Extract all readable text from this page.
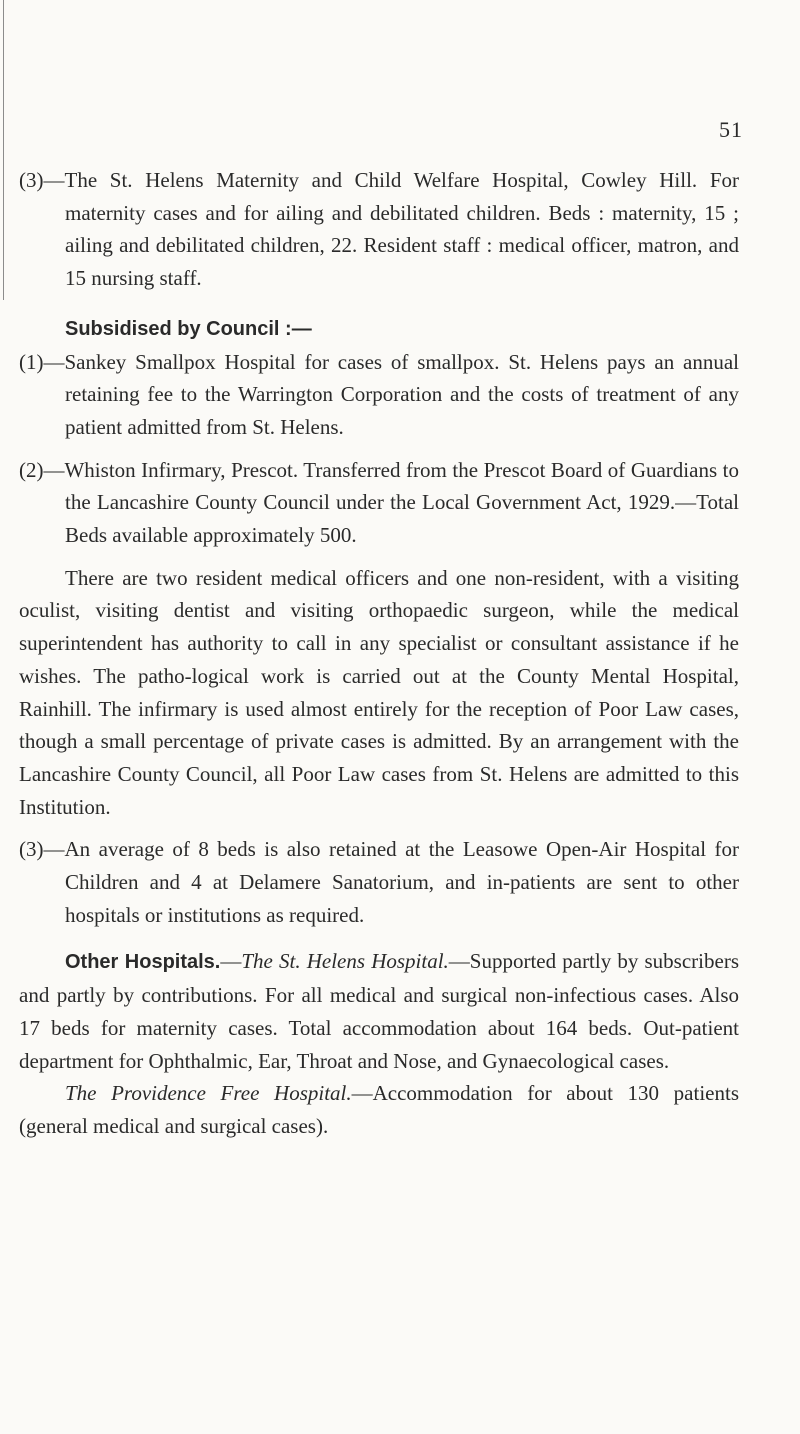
51

(3)—The St. Helens Maternity and Child Welfare Hospital, Cowley Hill. For maternity cases and for ailing and debilitated children. Beds : maternity, 15 ; ailing and debilitated children, 22. Resident staff : medical officer, matron, and 15 nursing staff.

Subsidised by Council :—

(1)—Sankey Smallpox Hospital for cases of smallpox. St. Helens pays an annual retaining fee to the Warrington Corporation and the costs of treatment of any patient admitted from St. Helens.

(2)—Whiston Infirmary, Prescot. Transferred from the Prescot Board of Guardians to the Lancashire County Council under the Local Government Act, 1929.—Total Beds available approximately 500.

There are two resident medical officers and one non-resident, with a visiting oculist, visiting dentist and visiting orthopaedic surgeon, while the medical superintendent has authority to call in any specialist or consultant assistance if he wishes. The patho-logical work is carried out at the County Mental Hospital, Rainhill. The infirmary is used almost entirely for the reception of Poor Law cases, though a small percentage of private cases is admitted. By an arrangement with the Lancashire County Council, all Poor Law cases from St. Helens are admitted to this Institution.

(3)—An average of 8 beds is also retained at the Leasowe Open-Air Hospital for Children and 4 at Delamere Sanatorium, and in-patients are sent to other hospitals or institutions as required.

Other Hospitals.—The St. Helens Hospital.—Supported partly by subscribers and partly by contributions. For all medical and surgical non-infectious cases. Also 17 beds for maternity cases. Total accommodation about 164 beds. Out-patient department for Ophthalmic, Ear, Throat and Nose, and Gynaecological cases.

The Providence Free Hospital.—Accommodation for about 130 patients (general medical and surgical cases).
